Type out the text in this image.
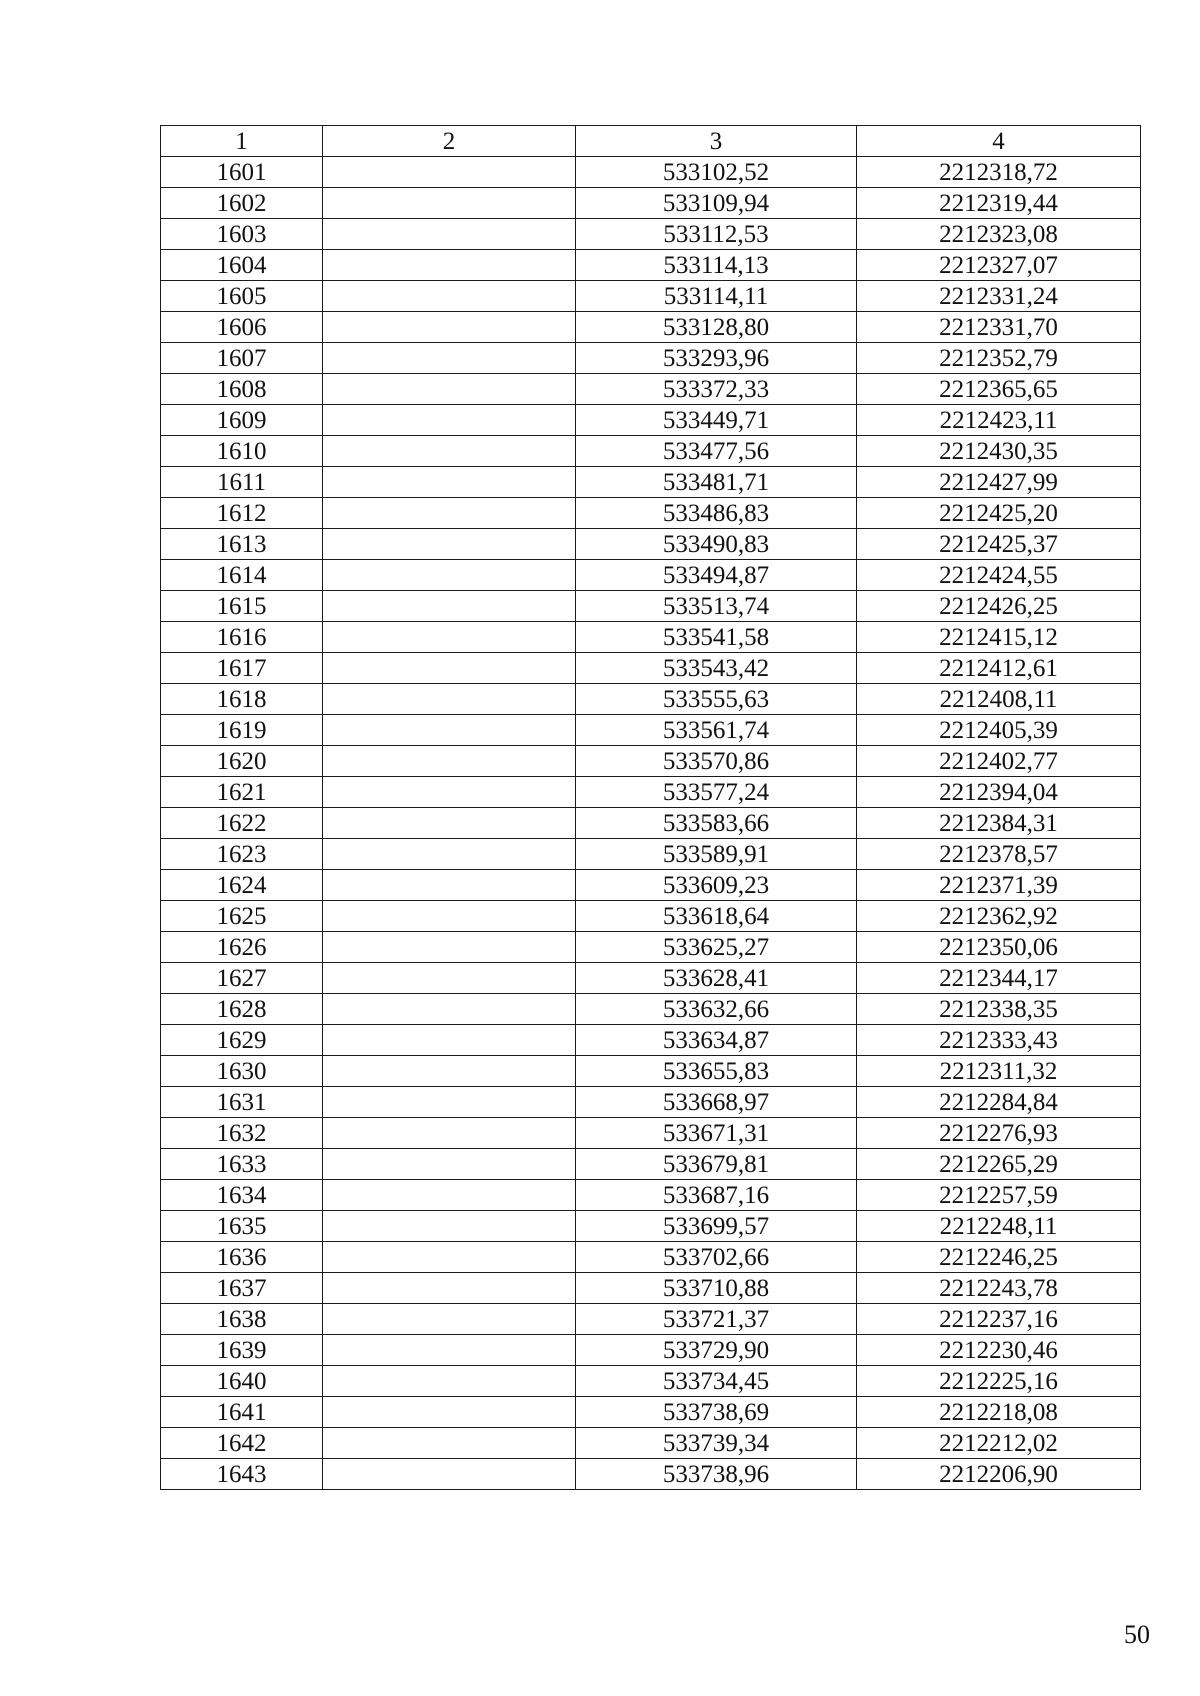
1	2	3	4
1601		533102,52	2212318,72
1602		533109,94	2212319,44
1603		533112,53	2212323,08
1604		533114,13	2212327,07
1605		533114,11	2212331,24
1606		533128,80	2212331,70
1607		533293,96	2212352,79
1608		533372,33	2212365,65
1609		533449,71	2212423,11
1610		533477,56	2212430,35
1611		533481,71	2212427,99
1612		533486,83	2212425,20
1613		533490,83	2212425,37
1614		533494,87	2212424,55
1615		533513,74	2212426,25
1616		533541,58	2212415,12
1617		533543,42	2212412,61
1618		533555,63	2212408,11
1619		533561,74	2212405,39
1620		533570,86	2212402,77
1621		533577,24	2212394,04
1622		533583,66	2212384,31
1623		533589,91	2212378,57
1624		533609,23	2212371,39
1625		533618,64	2212362,92
1626		533625,27	2212350,06
1627		533628,41	2212344,17
1628		533632,66	2212338,35
1629		533634,87	2212333,43
1630		533655,83	2212311,32
1631		533668,97	2212284,84
1632		533671,31	2212276,93
1633		533679,81	2212265,29
1634		533687,16	2212257,59
1635		533699,57	2212248,11
1636		533702,66	2212246,25
1637		533710,88	2212243,78
1638		533721,37	2212237,16
1639		533729,90	2212230,46
1640		533734,45	2212225,16
1641		533738,69	2212218,08
1642		533739,34	2212212,02
1643		533738,96	2212206,90
50
